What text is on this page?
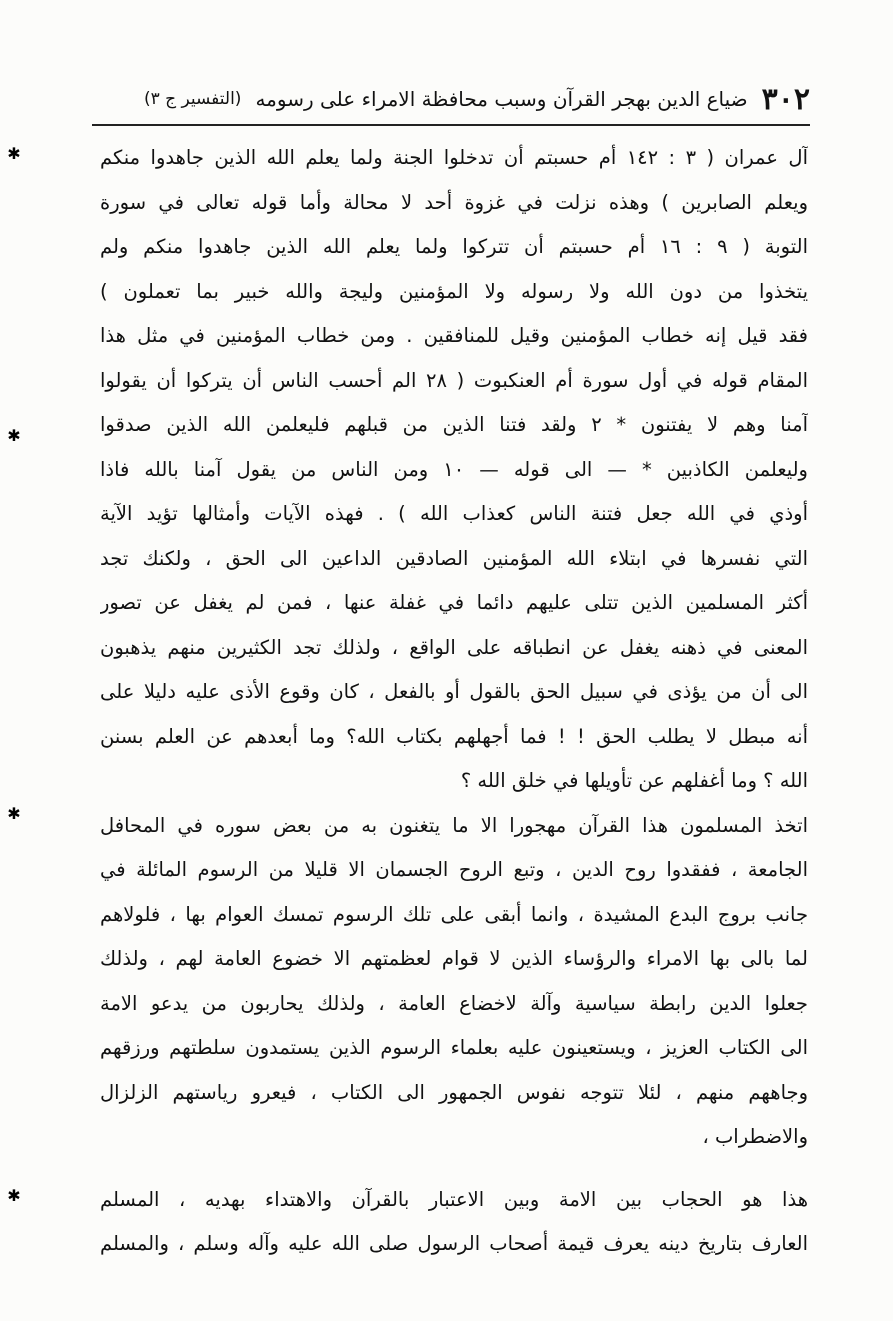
٣٠٢
ضياع الدين بهجر القرآن وسبب محافظة الامراء على رسومه
(التفسير ج ٣)
✱
✱
✱
✱
آل عمران ( ٣ : ١٤٢ أم حسبتم أن تدخلوا الجنة ولما يعلم الله الذين جاهدوا منكم
ويعلم الصابرين ) وهذه نزلت في غزوة أحد لا محالة وأما قوله تعالى في سورة
التوبة ( ٩ : ١٦ أم حسبتم أن تتركوا ولما يعلم الله الذين جاهدوا منكم ولم
يتخذوا من دون الله ولا رسوله ولا المؤمنين وليجة والله خبير بما تعملون )
فقد قيل إنه خطاب المؤمنين وقيل للمنافقين . ومن خطاب المؤمنين في مثل هذا
المقام قوله في أول سورة أم العنكبوت ( ٢٨ الم أحسب الناس أن يتركوا أن يقولوا
آمنا وهم لا يفتنون * ٢ ولقد فتنا الذين من قبلهم فليعلمن الله الذين صدقوا
وليعلمن الكاذبين * — الى قوله — ١٠ ومن الناس من يقول آمنا بالله فاذا
أوذي في الله جعل فتنة الناس كعذاب الله ) . فهذه الآيات وأمثالها تؤيد الآية
التي نفسرها في ابتلاء الله المؤمنين الصادقين الداعين الى الحق ، ولكنك تجد
أكثر المسلمين الذين تتلى عليهم دائما في غفلة عنها ، فمن لم يغفل عن تصور
المعنى في ذهنه يغفل عن انطباقه على الواقع ، ولذلك تجد الكثيرين منهم يذهبون
الى أن من يؤذى في سبيل الحق بالقول أو بالفعل ، كان وقوع الأذى عليه دليلا على
أنه مبطل لا يطلب الحق ! ! فما أجهلهم بكتاب الله؟ وما أبعدهم عن العلم بسنن
الله ؟ وما أغفلهم عن تأويلها في خلق الله ؟
اتخذ المسلمون هذا القرآن مهجورا الا ما يتغنون به من بعض سوره في المحافل
الجامعة ، ففقدوا روح الدين ، وتبع الروح الجسمان الا قليلا من الرسوم المائلة في
جانب بروج البدع المشيدة ، وانما أبقى على تلك الرسوم تمسك العوام بها ، فلولاهم
لما بالى بها الامراء والرؤساء الذين لا قوام لعظمتهم الا خضوع العامة لهم ، ولذلك
جعلوا الدين رابطة سياسية وآلة لاخضاع العامة ، ولذلك يحاربون من يدعو الامة
الى الكتاب العزيز ، ويستعينون عليه بعلماء الرسوم الذين يستمدون سلطتهم ورزقهم
وجاههم منهم ، لئلا تتوجه نفوس الجمهور الى الكتاب ، فيعرو رياستهم الزلزال
والاضطراب ،
هذا هو الحجاب بين الامة وبين الاعتبار بالقرآن والاهتداء بهديه ، المسلم
العارف بتاريخ دينه يعرف قيمة أصحاب الرسول صلى الله عليه وآله وسلم ، والمسلم
